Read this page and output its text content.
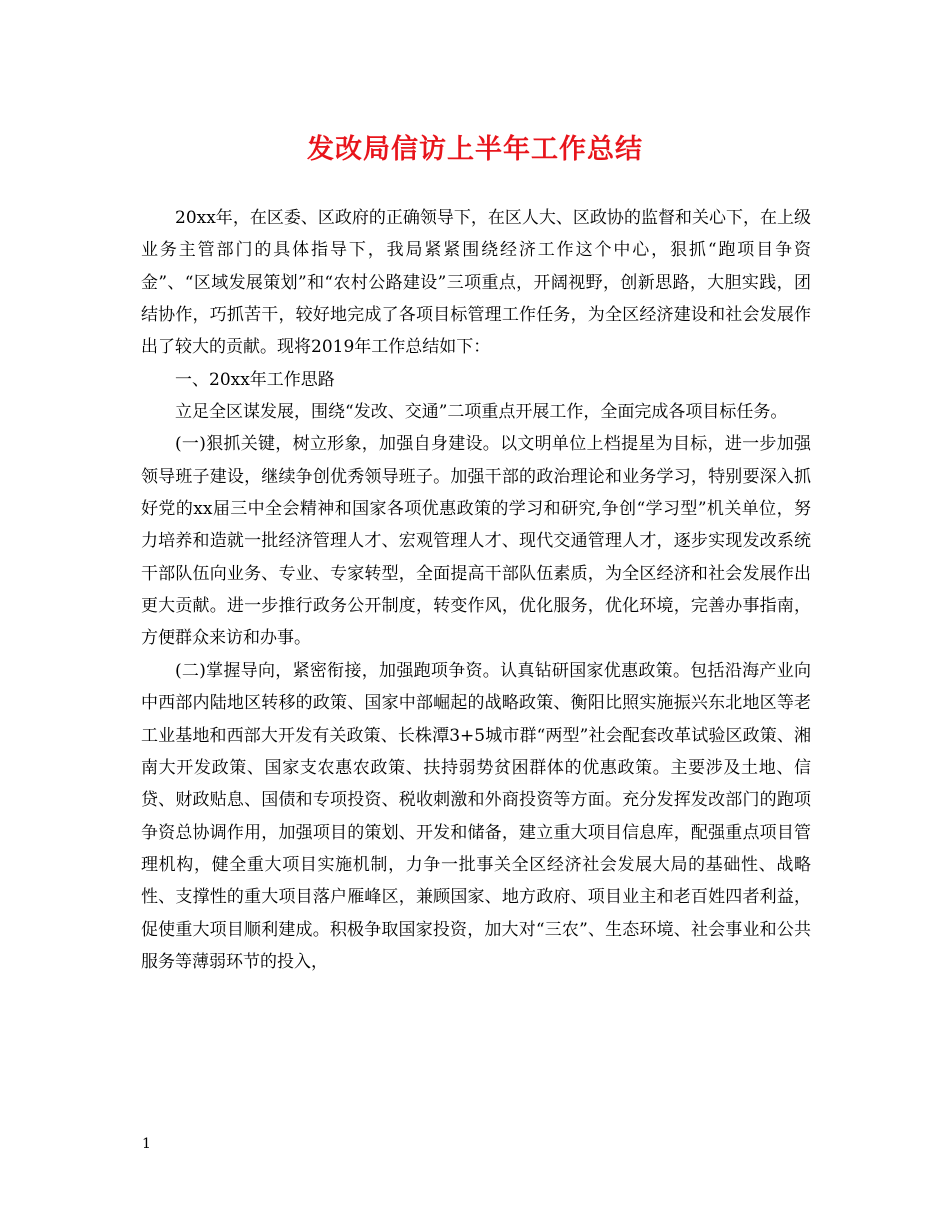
发改局信访上半年工作总结

20xx年，在区委、区政府的正确领导下，在区人大、区政协的监督和关心下，在上级业务主管部门的具体指导下，我局紧紧围绕经济工作这个中心，狠抓“跑项目争资金”、“区域发展策划”和“农村公路建设”三项重点，开阔视野，创新思路，大胆实践，团结协作，巧抓苦干，较好地完成了各项目标管理工作任务，为全区经济建设和社会发展作出了较大的贡献。现将2019年工作总结如下：

一、20xx年工作思路

立足全区谋发展，围绕“发改、交通”二项重点开展工作，全面完成各项目标任务。

(一)狠抓关键，树立形象，加强自身建设。以文明单位上档提星为目标，进一步加强领导班子建设，继续争创优秀领导班子。加强干部的政治理论和业务学习，特别要深入抓好党的xx届三中全会精神和国家各项优惠政策的学习和研究,争创“学习型”机关单位，努力培养和造就一批经济管理人才、宏观管理人才、现代交通管理人才，逐步实现发改系统干部队伍向业务、专业、专家转型，全面提高干部队伍素质，为全区经济和社会发展作出更大贡献。进一步推行政务公开制度，转变作风，优化服务，优化环境，完善办事指南，方便群众来访和办事。

(二)掌握导向，紧密衔接，加强跑项争资。认真钻研国家优惠政策。包括沿海产业向中西部内陆地区转移的政策、国家中部崛起的战略政策、衡阳比照实施振兴东北地区等老工业基地和西部大开发有关政策、长株潭3+5城市群“两型”社会配套改革试验区政策、湘南大开发政策、国家支农惠农政策、扶持弱势贫困群体的优惠政策。主要涉及土地、信贷、财政贴息、国债和专项投资、税收刺激和外商投资等方面。充分发挥发改部门的跑项争资总协调作用，加强项目的策划、开发和储备，建立重大项目信息库，配强重点项目管理机构，健全重大项目实施机制，力争一批事关全区经济社会发展大局的基础性、战略性、支撑性的重大项目落户雁峰区，兼顾国家、地方政府、项目业主和老百姓四者利益，促使重大项目顺利建成。积极争取国家投资，加大对“三农”、生态环境、社会事业和公共服务等薄弱环节的投入，

1
